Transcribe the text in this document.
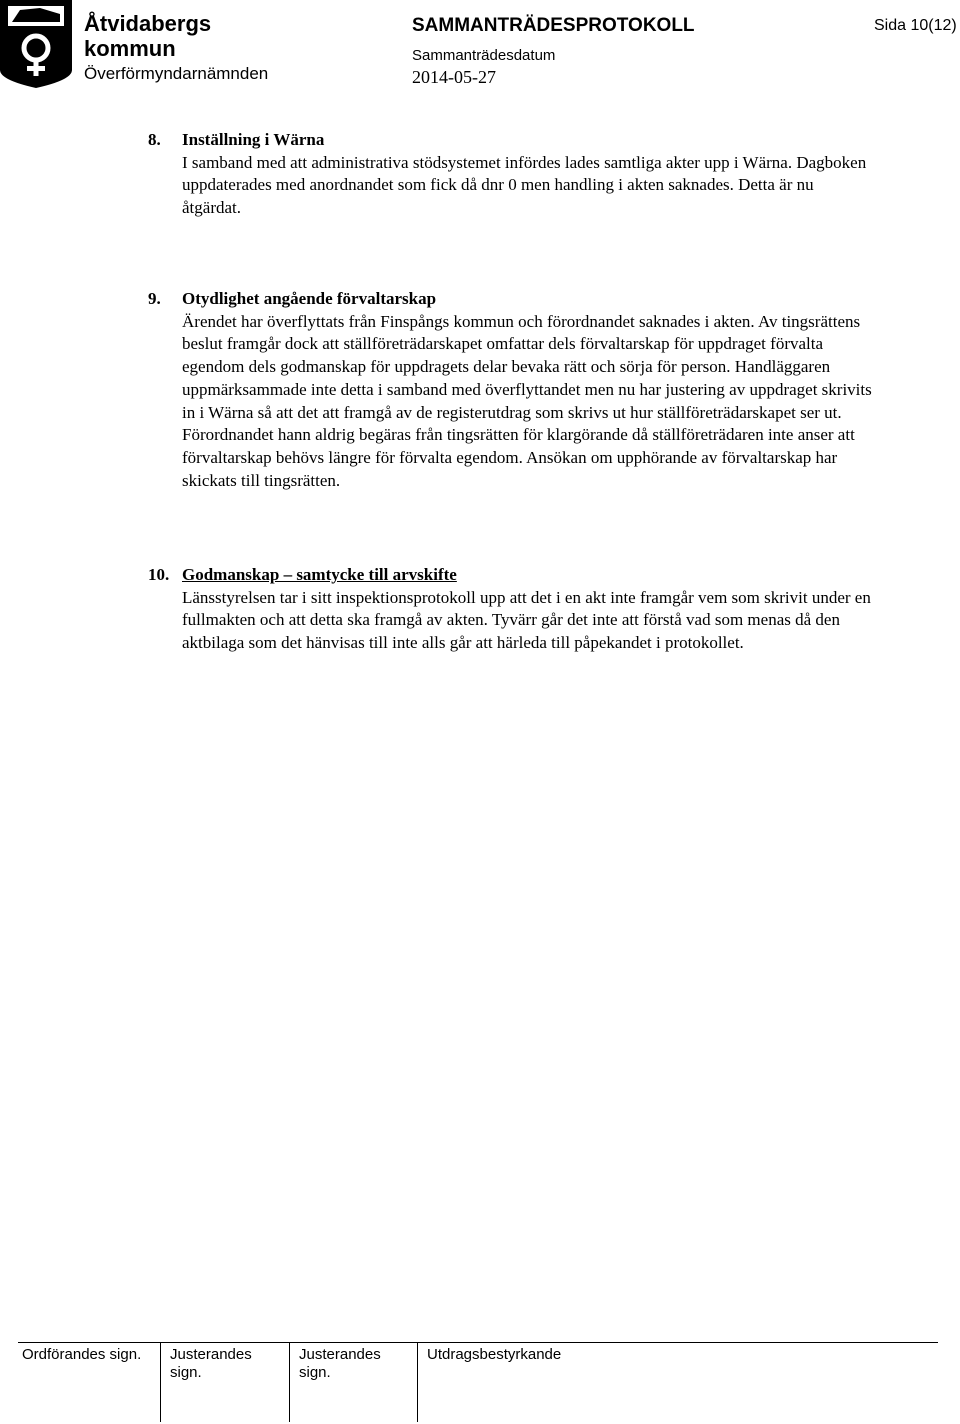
Åtvidabergs
kommun
Överförmyndarnämnden
SAMMANTRÄDESPROTOKOLL
Sammanträdesdatum
2014-05-27
Sida 10(12)
8. Inställning i Wärna

I samband med att administrativa stödsystemet infördes lades samtliga akter upp i Wärna. Dagboken uppdaterades med anordnandet som fick då dnr 0 men handling i akten saknades. Detta är nu åtgärdat.

9. Otydlighet angående förvaltarskap

Ärendet har överflyttats från Finspångs kommun och förordnandet saknades i akten. Av tingsrättens beslut framgår dock att ställföreträdarskapet omfattar dels förvaltarskap för uppdraget förvalta egendom dels godmanskap för uppdragets delar bevaka rätt och sörja för person. Handläggaren uppmärksammade inte detta i samband med överflyttandet men nu har justering av uppdraget skrivits in i Wärna så att det att framgå av de registerutdrag som skrivs ut hur ställföreträdarskapet ser ut.

Förordnandet hann aldrig begäras från tingsrätten för klargörande då ställföreträdaren inte anser att förvaltarskap behövs längre för förvalta egendom. Ansökan om upphörande av förvaltarskap har skickats till tingsrätten.

10. Godmanskap – samtycke till arvskifte

Länsstyrelsen tar i sitt inspektionsprotokoll upp att det i en akt inte framgår vem som skrivit under en fullmakten och att detta ska framgå av akten. Tyvärr går det inte att förstå vad som menas då den aktbilaga som det hänvisas till inte alls går att härleda till påpekandet i protokollet.

Ordförandes sign. Justerandes
sign.
Justerandes
sign.
Utdragsbestyrkande
